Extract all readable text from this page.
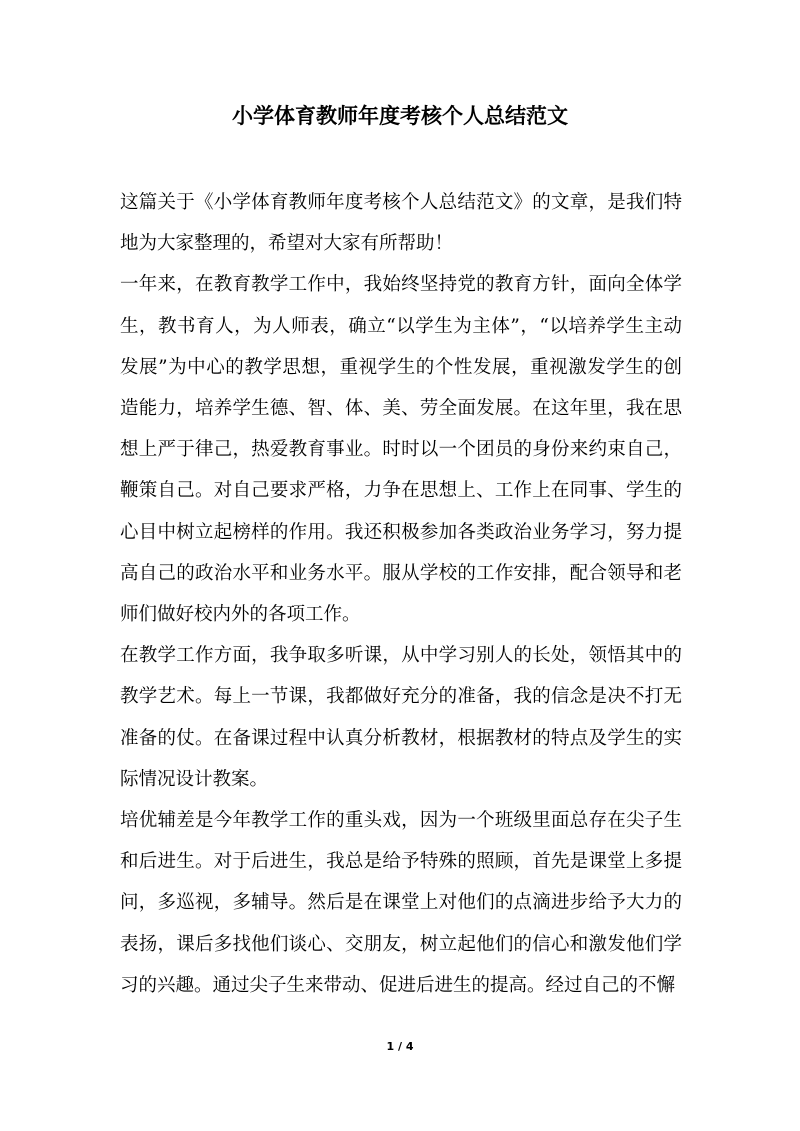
小学体育教师年度考核个人总结范文

这篇关于《小学体育教师年度考核个人总结范文》的文章，是我们特地为大家整理的，希望对大家有所帮助！

一年来，在教育教学工作中，我始终坚持党的教育方针，面向全体学生，教书育人，为人师表，确立“以学生为主体”，“以培养学生主动发展”为中心的教学思想，重视学生的个性发展，重视激发学生的创造能力，培养学生德、智、体、美、劳全面发展。在这年里，我在思想上严于律己，热爱教育事业。时时以一个团员的身份来约束自己，鞭策自己。对自己要求严格，力争在思想上、工作上在同事、学生的心目中树立起榜样的作用。我还积极参加各类政治业务学习，努力提高自己的政治水平和业务水平。服从学校的工作安排，配合领导和老师们做好校内外的各项工作。

在教学工作方面，我争取多听课，从中学习别人的长处，领悟其中的教学艺术。每上一节课，我都做好充分的准备，我的信念是决不打无准备的仗。在备课过程中认真分析教材，根据教材的特点及学生的实际情况设计教案。

培优辅差是今年教学工作的重头戏，因为一个班级里面总存在尖子生和后进生。对于后进生，我总是给予特殊的照顾，首先是课堂上多提问，多巡视，多辅导。然后是在课堂上对他们的点滴进步给予大力的表扬，课后多找他们谈心、交朋友，树立起他们的信心和激发他们学习的兴趣。通过尖子生来带动、促进后进生的提高。经过自己的不懈

1 / 4
